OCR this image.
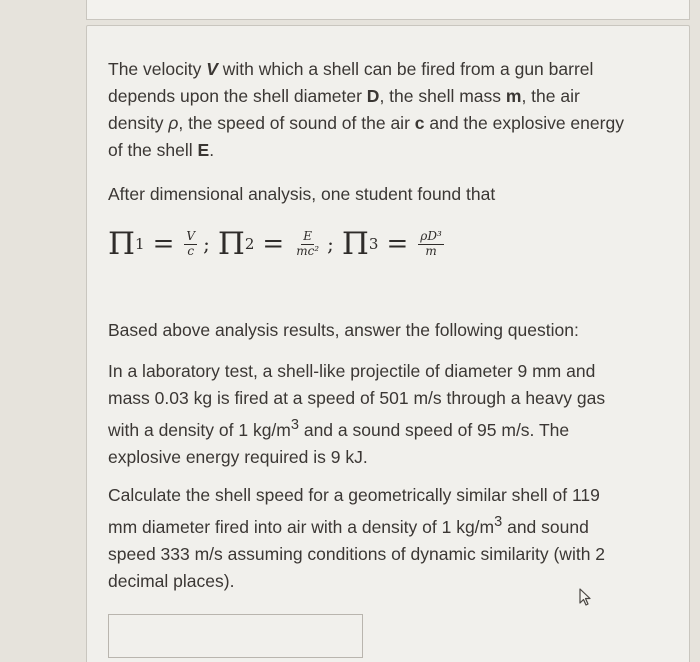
The velocity V with which a shell can be fired from a gun barrel depends upon the shell diameter D, the shell mass m, the air density ρ, the speed of sound of the air c and the explosive energy of the shell E.
After dimensional analysis, one student found that
Π $1 = \frac{V}{c}$ ; Π $2 = \frac{E}{\text{mc²}}$ ; Π $3 = \frac{\text{ρD³}}{m}$
Based above analysis results, answer the following question:
In a laboratory test, a shell-like projectile of diameter 9 mm and mass 0.03 kg is fired at a speed of 501 m/s through a heavy gas with a density of 1 $kg/m^3$ and a sound speed of 95 m/s. The explosive energy required is 9 kJ.
Calculate the shell speed for a geometrically similar shell of 119 mm diameter fired into air with a density of 1 $kg/m^3$ and sound speed 333 m/s assuming conditions of dynamic similarity (with 2 decimal places).
